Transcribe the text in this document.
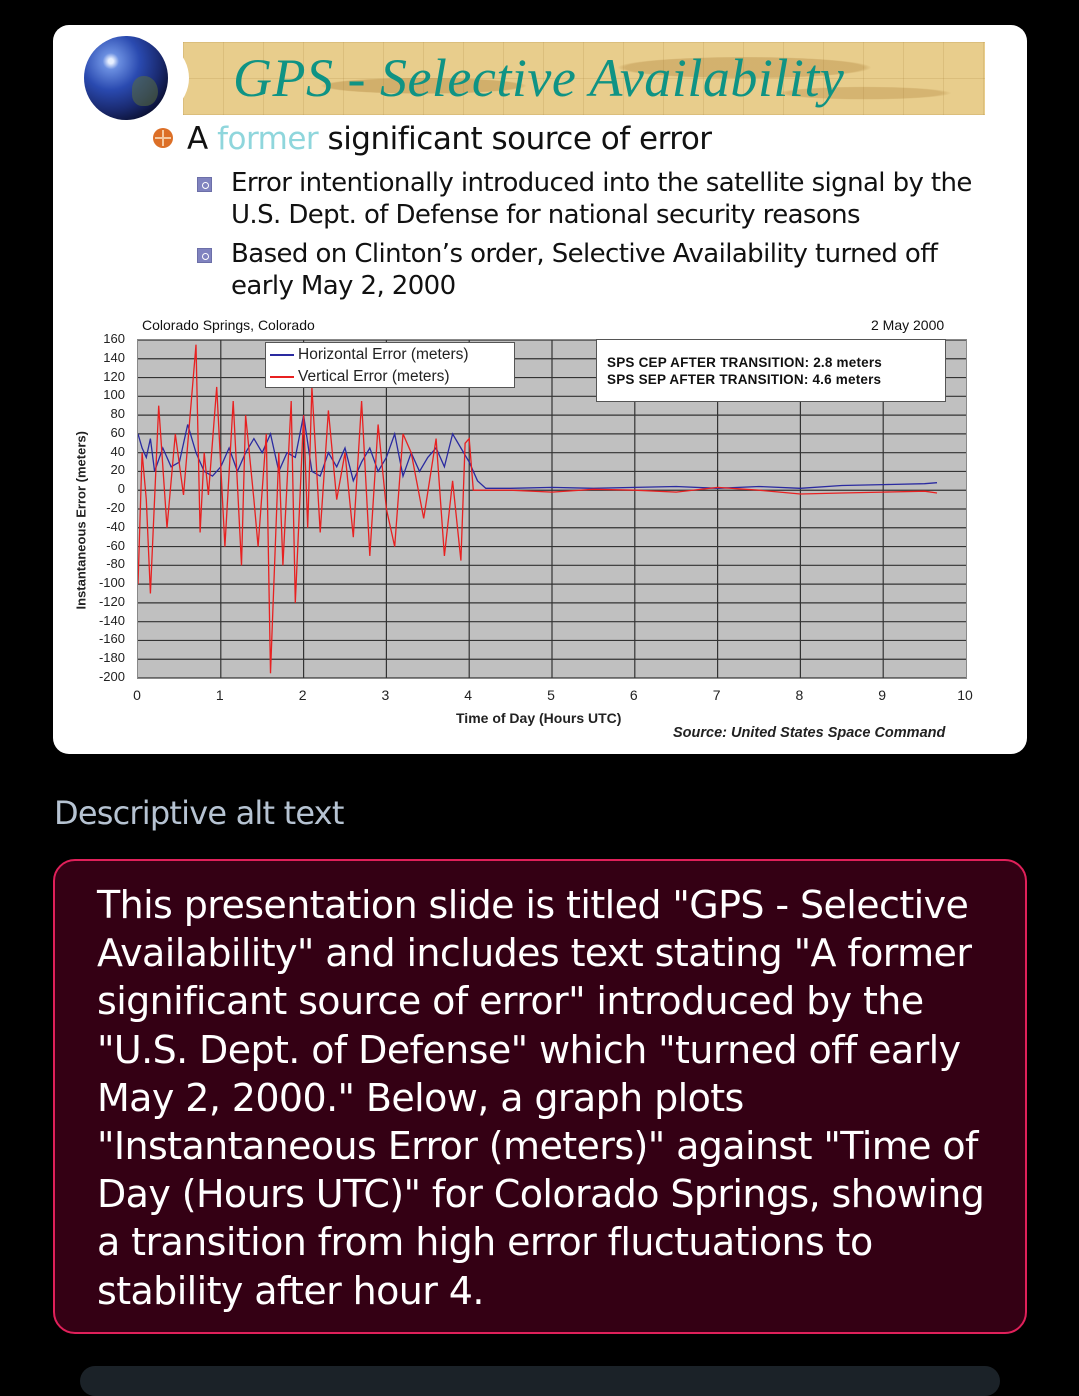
GPS - Selective Availability
A former significant source of error
Error intentionally introduced into the satellite signal by the U.S. Dept. of Defense for national security reasons
Based on Clinton’s order, Selective Availability turned off early May 2, 2000
Colorado Springs, Colorado	2 May 2000
Instantaneous Error (meters)
160
140
120
100
80
60
40
20
0
-20
-40
-60
-80
-100
-120
-140
-160
-180
-200
Horizontal Error (meters)
Vertical Error (meters)
SPS CEP AFTER TRANSITION: 2.8 meters
SPS SEP AFTER TRANSITION: 4.6 meters
0	1	2	3	4	5	6	7	8	9	10
Time of Day (Hours UTC)
Source: United States Space Command
Descriptive alt text
This presentation slide is titled "GPS - Selective Availability" and includes text stating "A former significant source of error" introduced by the "U.S. Dept. of Defense" which "turned off early May 2, 2000." Below, a graph plots "Instantaneous Error (meters)" against "Time of Day (Hours UTC)" for Colorado Springs, showing a transition from high error fluctuations to stability after hour 4.
